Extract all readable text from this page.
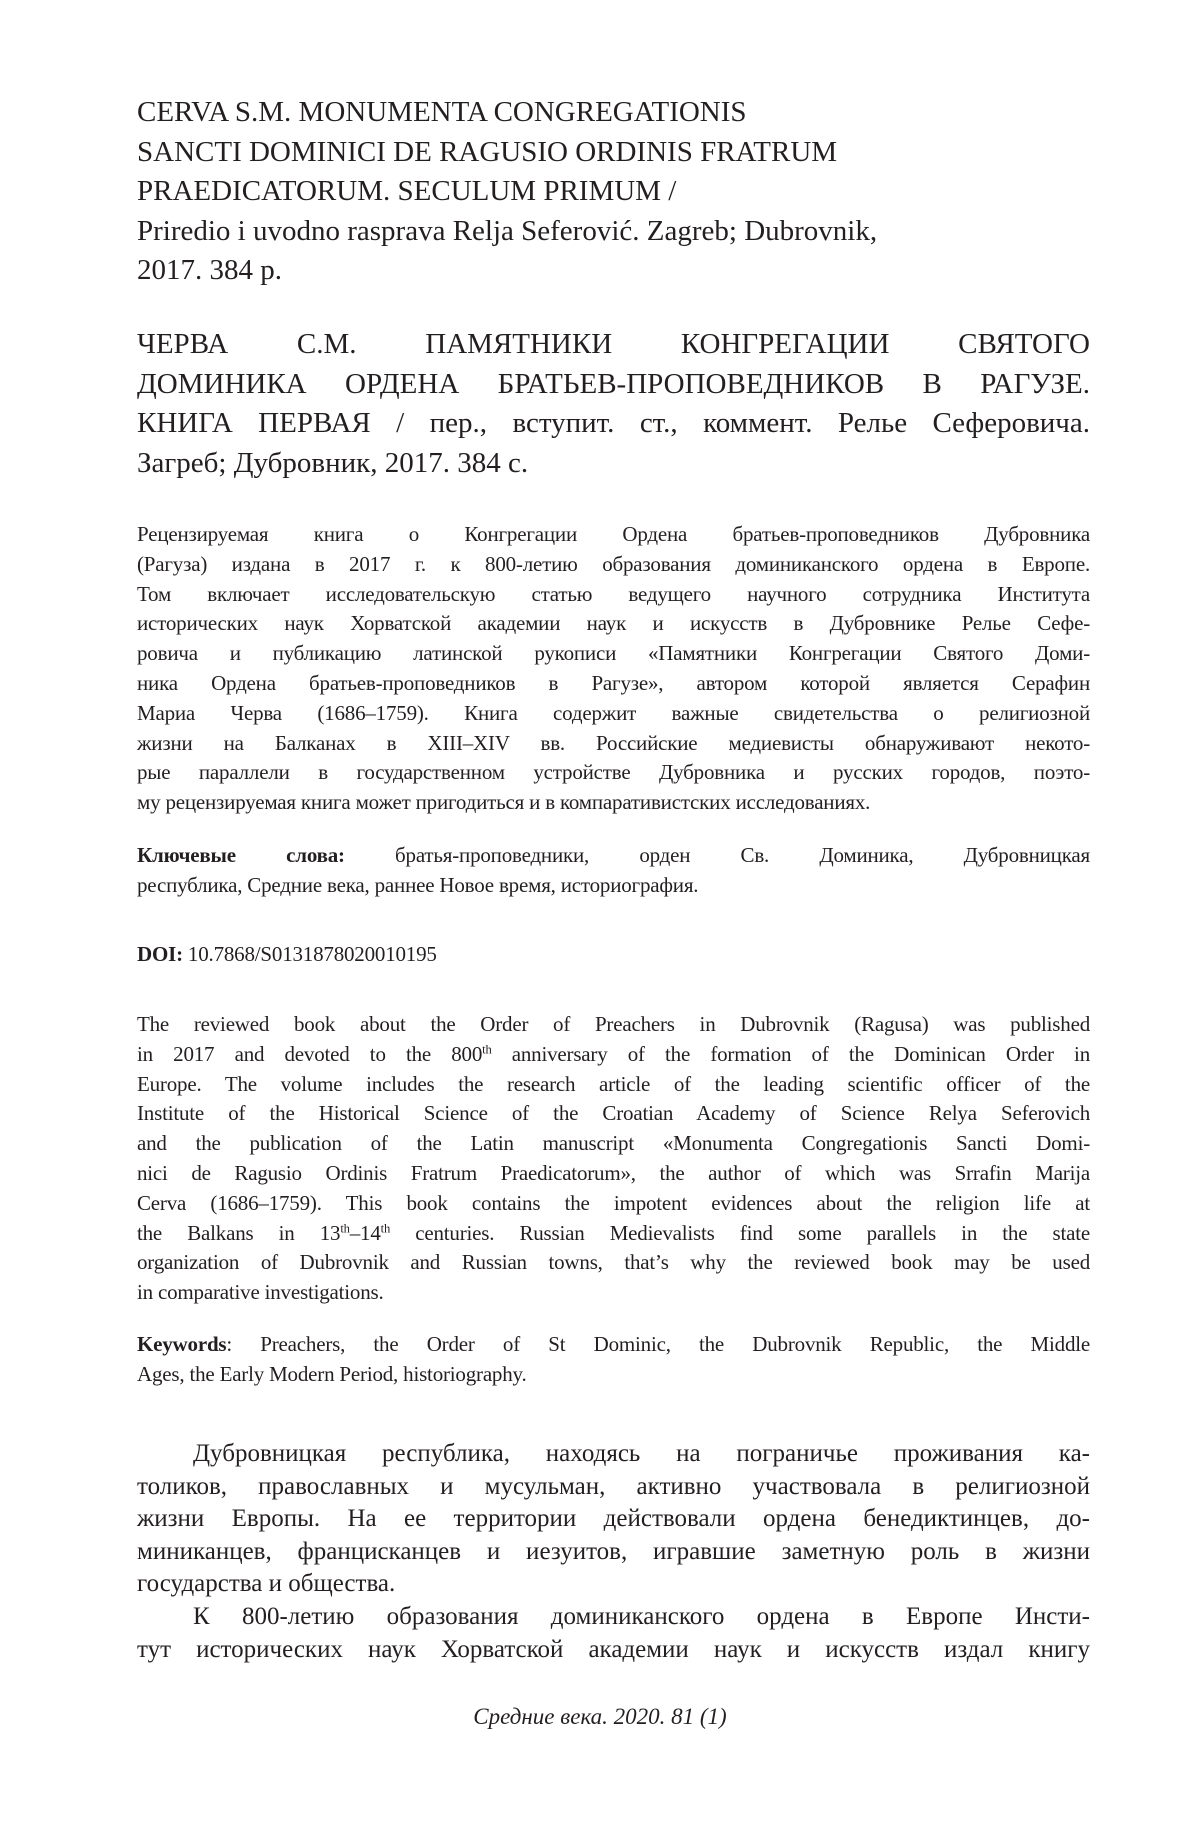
CERVA S.M. MONUMENTA CONGREGATIONIS
SANCTI DOMINICI DE RAGUSIO ORDINIS FRATRUM
PRAEDICATORUM. SECULUM PRIMUM /
Priredio i uvodno rasprava Relja Seferović. Zagreb; Dubrovnik,
2017. 384 p.
ЧЕРВА С.М. ПАМЯТНИКИ КОНГРЕГАЦИИ СВЯТОГО
ДОМИНИКА ОРДЕНА БРАТЬЕВ-ПРОПОВЕДНИКОВ В РАГУЗЕ.
КНИГА ПЕРВАЯ / пер., вступит. ст., коммент. Релье Сеферовича.
Загреб; Дубровник, 2017. 384 с.
Рецензируемая книга о Конгрегации Ордена братьев-проповедников Дубровника
(Рагуза) издана в 2017 г. к 800-летию образования доминиканского ордена в Европе.
Том включает исследовательскую статью ведущего научного сотрудника Института
исторических наук Хорватской академии наук и искусств в Дубровнике Релье Сефе-
ровича и публикацию латинской рукописи «Памятники Конгрегации Святого Доми-
ника Ордена братьев-проповедников в Рагузе», автором которой является Серафин
Мариа Черва (1686–1759). Книга содержит важные свидетельства о религиозной
жизни на Балканах в XIII–XIV вв. Российские медиевисты обнаруживают некото-
рые параллели в государственном устройстве Дубровника и русских городов, поэто-
му рецензируемая книга может пригодиться и в компаративистских исследованиях.
Ключевые слова: братья-проповедники, орден Св. Доминика, Дубровницкая
республика, Средние века, раннее Новое время, историография.
DOI: 10.7868/S0131878020010195
The reviewed book about the Order of Preachers in Dubrovnik (Ragusa) was published
in 2017 and devoted to the 800th anniversary of the formation of the Dominican Order in
Europe. The volume includes the research article of the leading scientific officer of the
Institute of the Historical Science of the Croatian Academy of Science Relya Seferovich
and the publication of the Latin manuscript «Monumenta Congregationis Sancti Domi-
nici de Ragusio Ordinis Fratrum Praedicatorum», the author of which was Srrafin Marija
Cerva (1686–1759). This book contains the impotent evidences about the religion life at
the Balkans in 13th–14th centuries. Russian Medievalists find some parallels in the state
organization of Dubrovnik and Russian towns, that’s why the reviewed book may be used
in comparative investigations.
Keywords: Preachers, the Order of St Dominic, the Dubrovnik Republic, the Middle
Ages, the Early Modern Period, historiography.
Дубровницкая республика, находясь на пограничье проживания ка-
толиков, православных и мусульман, активно участвовала в религиозной
жизни Европы. На ее территории действовали ордена бенедиктинцев, до-
миниканцев, францисканцев и иезуитов, игравшие заметную роль в жизни
государства и общества.
К 800-летию образования доминиканского ордена в Европе Инсти-
тут исторических наук Хорватской академии наук и искусств издал книгу
Средние века. 2020. 81 (1)
